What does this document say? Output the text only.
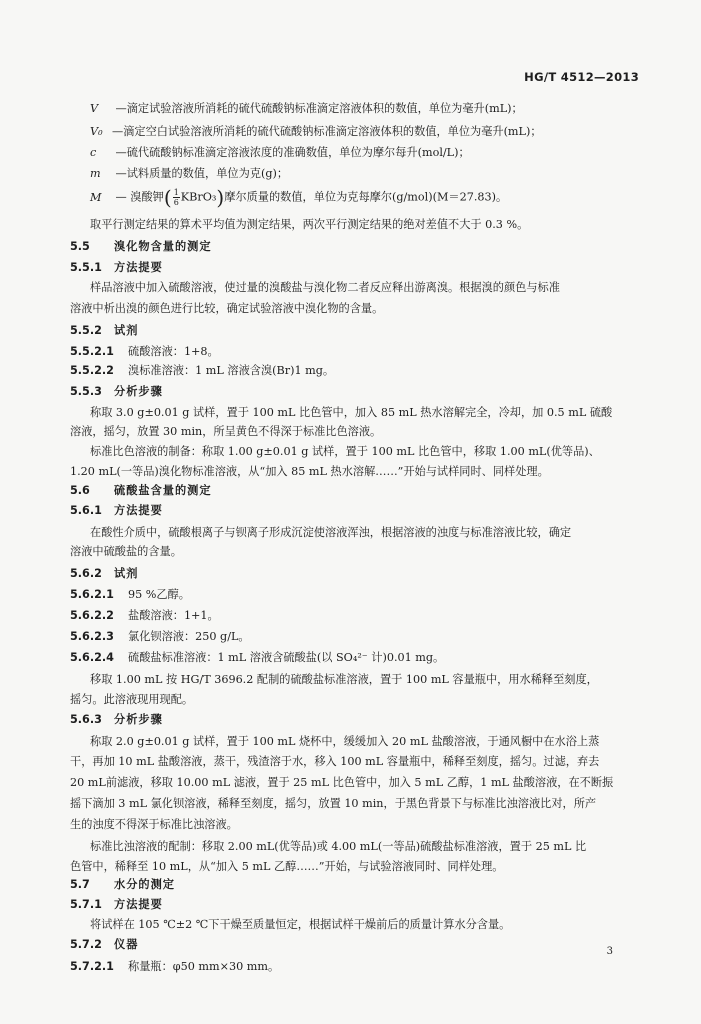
HG/T 4512—2013
V —滴定试验溶液所消耗的硫代硫酸钠标准滴定溶液体积的数值，单位为毫升(mL)；
V₀ —滴定空白试验溶液所消耗的硫代硫酸钠标准滴定溶液体积的数值，单位为毫升(mL)；
c —硫代硫酸钠标准滴定溶液浓度的准确数值，单位为摩尔每升(mol/L)；
m —试料质量的数值，单位为克(g)；
M — 溴酸钾( $\frac{1}{6}$ KBrO₃)摩尔质量的数值，单位为克每摩尔(g/mol)(M＝27.83)。
取平行测定结果的算术平均值为测定结果，两次平行测定结果的绝对差值不大于 0.3 %。
5.5 溴化物含量的测定
5.5.1 方法提要
样品溶液中加入硫酸溶液，使过量的溴酸盐与溴化物二者反应释出游离溴。根据溴的颜色与标准
溶液中析出溴的颜色进行比较，确定试验溶液中溴化物的含量。
5.5.2 试剂
5.5.2.1 硫酸溶液：1+8。
5.5.2.2 溴标准溶液：1 mL 溶液含溴(Br)1 mg。
5.5.3 分析步骤
称取 3.0 g±0.01 g 试样，置于 100 mL 比色管中，加入 85 mL 热水溶解完全，冷却，加 0.5 mL 硫酸
溶液，摇匀，放置 30 min，所呈黄色不得深于标准比色溶液。
标准比色溶液的制备：称取 1.00 g±0.01 g 试样，置于 100 mL 比色管中，移取 1.00 mL(优等品)、
1.20 mL(一等品)溴化物标准溶液，从“加入 85 mL 热水溶解……”开始与试样同时、同样处理。
5.6 硫酸盐含量的测定
5.6.1 方法提要
在酸性介质中，硫酸根离子与钡离子形成沉淀使溶液浑浊，根据溶液的浊度与标准溶液比较，确定
溶液中硫酸盐的含量。
5.6.2 试剂
5.6.2.1 95 %乙醇。
5.6.2.2 盐酸溶液：1+1。
5.6.2.3 氯化钡溶液：250 g/L。
5.6.2.4 硫酸盐标准溶液：1 mL 溶液含硫酸盐(以 SO₄²⁻ 计)0.01 mg。
移取 1.00 mL 按 HG/T 3696.2 配制的硫酸盐标准溶液，置于 100 mL 容量瓶中，用水稀释至刻度，
摇匀。此溶液现用现配。
5.6.3 分析步骤
称取 2.0 g±0.01 g 试样，置于 100 mL 烧杯中，缓缓加入 20 mL 盐酸溶液，于通风橱中在水浴上蒸
干，再加 10 mL 盐酸溶液，蒸干，残渣溶于水，移入 100 mL 容量瓶中，稀释至刻度，摇匀。过滤，弃去
20 mL前滤液，移取 10.00 mL 滤液，置于 25 mL 比色管中，加入 5 mL 乙醇，1 mL 盐酸溶液，在不断振
摇下滴加 3 mL 氯化钡溶液，稀释至刻度，摇匀，放置 10 min，于黑色背景下与标准比浊溶液比对，所产
生的浊度不得深于标准比浊溶液。
标准比浊溶液的配制：移取 2.00 mL(优等品)或 4.00 mL(一等品)硫酸盐标准溶液，置于 25 mL 比
色管中，稀释至 10 mL，从“加入 5 mL 乙醇……”开始，与试验溶液同时、同样处理。
5.7 水分的测定
5.7.1 方法提要
将试样在 105 ℃±2 ℃下干燥至质量恒定，根据试样干燥前后的质量计算水分含量。
5.7.2 仪器
5.7.2.1 称量瓶：φ50 mm×30 mm。
3
